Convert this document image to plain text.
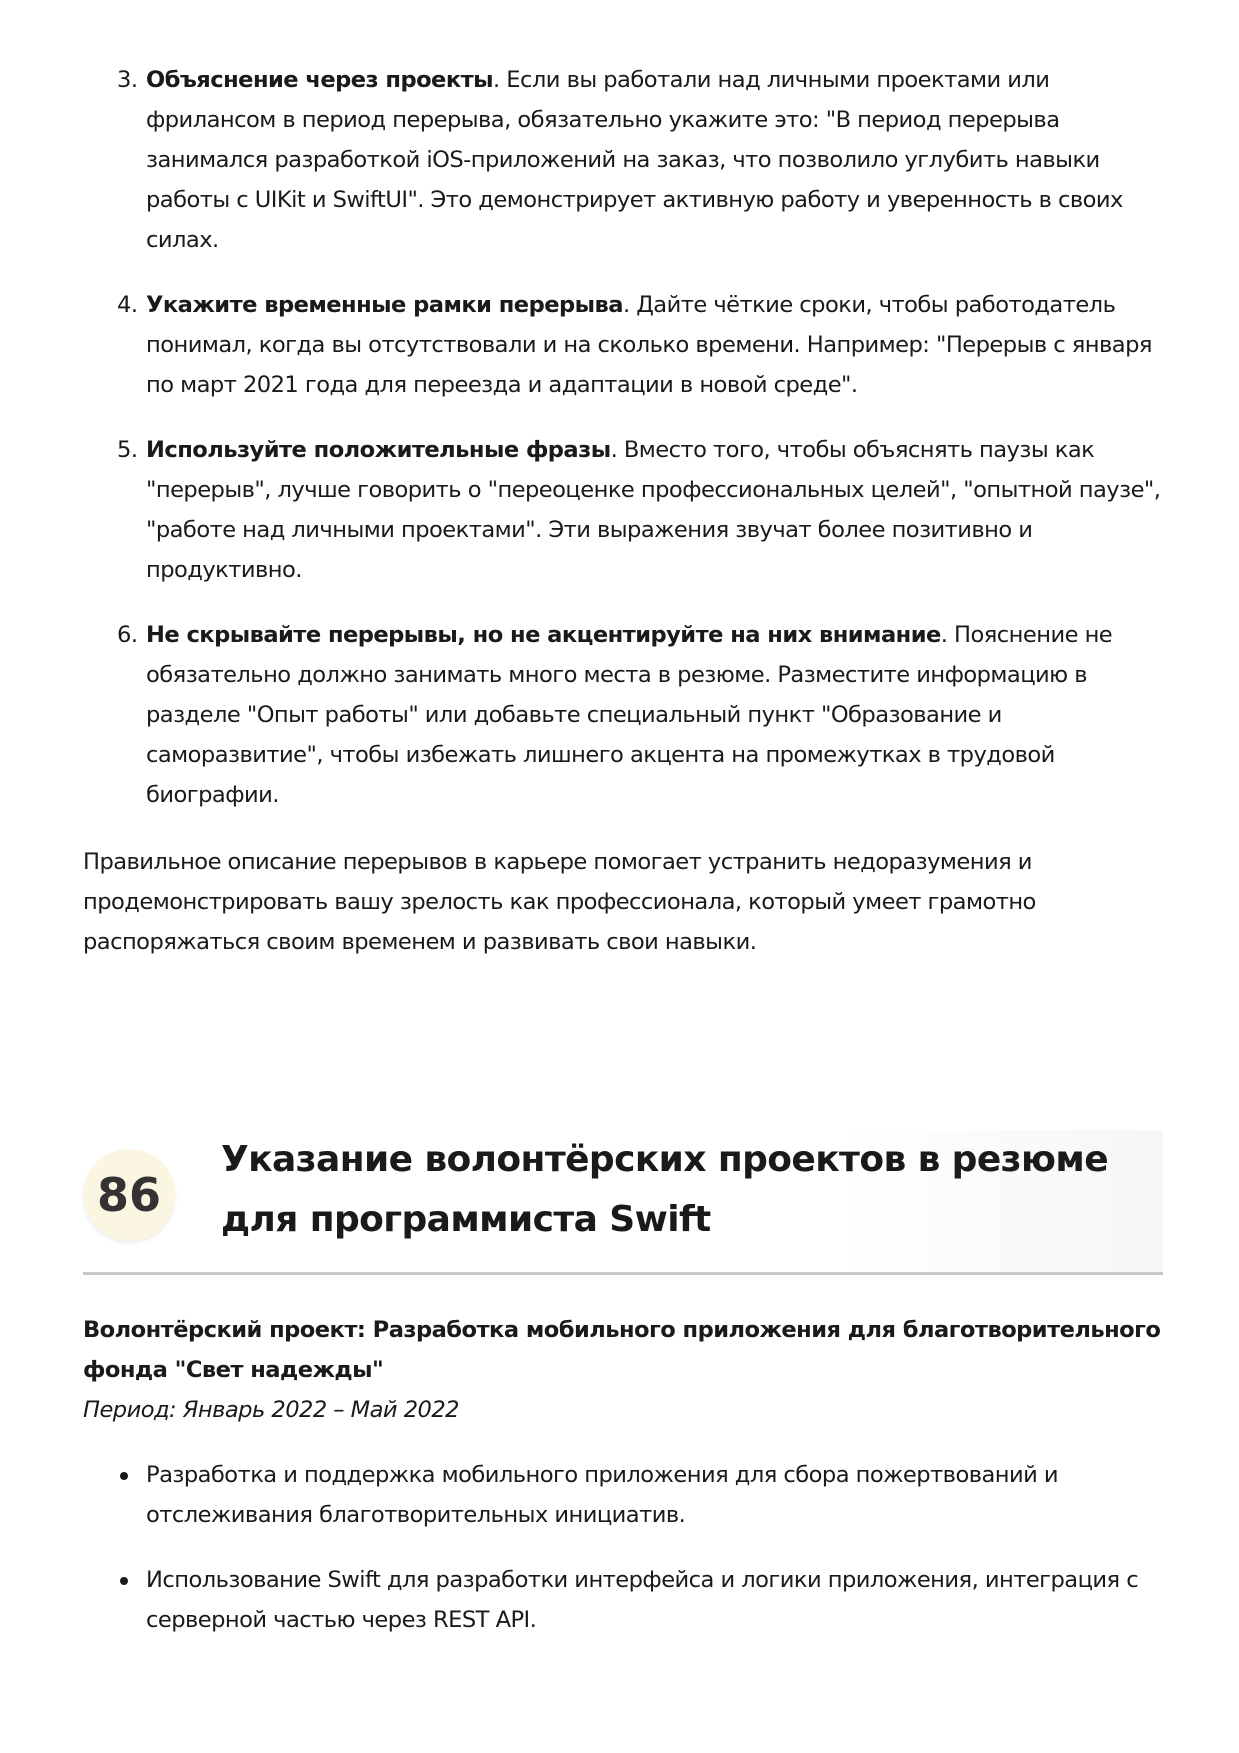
3. Объяснение через проекты. Если вы работали над личными проектами или фрилансом в период перерыва, обязательно укажите это: "В период перерыва занимался разработкой iOS-приложений на заказ, что позволило углубить навыки работы с UIKit и SwiftUI". Это демонстрирует активную работу и уверенность в своих силах.
4. Укажите временные рамки перерыва. Дайте чёткие сроки, чтобы работодатель понимал, когда вы отсутствовали и на сколько времени. Например: "Перерыв с января по март 2021 года для переезда и адаптации в новой среде".
5. Используйте положительные фразы. Вместо того, чтобы объяснять паузы как "перерыв", лучше говорить о "переоценке профессиональных целей", "опытной паузе", "работе над личными проектами". Эти выражения звучат более позитивно и продуктивно.
6. Не скрывайте перерывы, но не акцентируйте на них внимание. Пояснение не обязательно должно занимать много места в резюме. Разместите информацию в разделе "Опыт работы" или добавьте специальный пункт "Образование и саморазвитие", чтобы избежать лишнего акцента на промежутках в трудовой биографии.

Правильное описание перерывов в карьере помогает устранить недоразумения и продемонстрировать вашу зрелость как профессионала, который умеет грамотно распоряжаться своим временем и развивать свои навыки.

86
Указание волонтёрских проектов в резюме для программиста Swift

Волонтёрский проект: Разработка мобильного приложения для благотворительного фонда "Свет надежды"

Период: Январь 2022 – Май 2022

Разработка и поддержка мобильного приложения для сбора пожертвований и отслеживания благотворительных инициатив.
Использование Swift для разработки интерфейса и логики приложения, интеграция с серверной частью через REST API.
